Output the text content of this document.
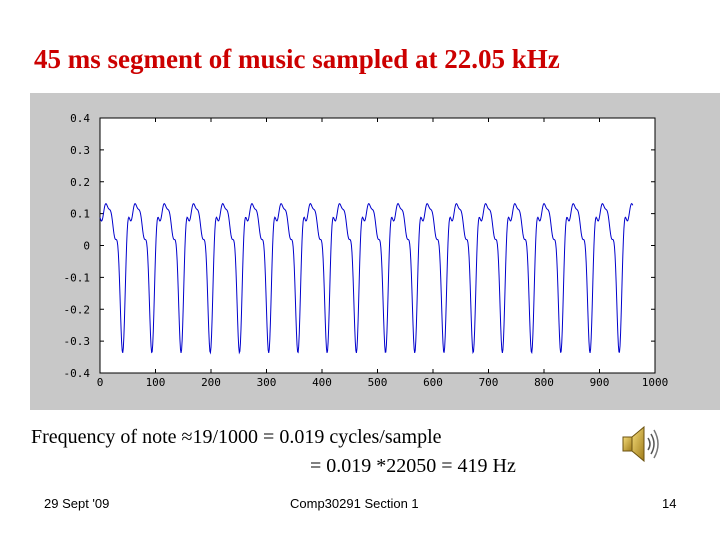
45 ms segment of music sampled at 22.05 kHz
0	100	200	300	400	500	600	700	800	900	1000
0.4
0.3
0.2
0.1
0
-0.1
-0.2
-0.3
-0.4
Frequency of note ≈19/1000 = 0.019 cycles/sample
= 0.019 *22050 = 419 Hz
29 Sept '09	Comp30291 Section 1	14
